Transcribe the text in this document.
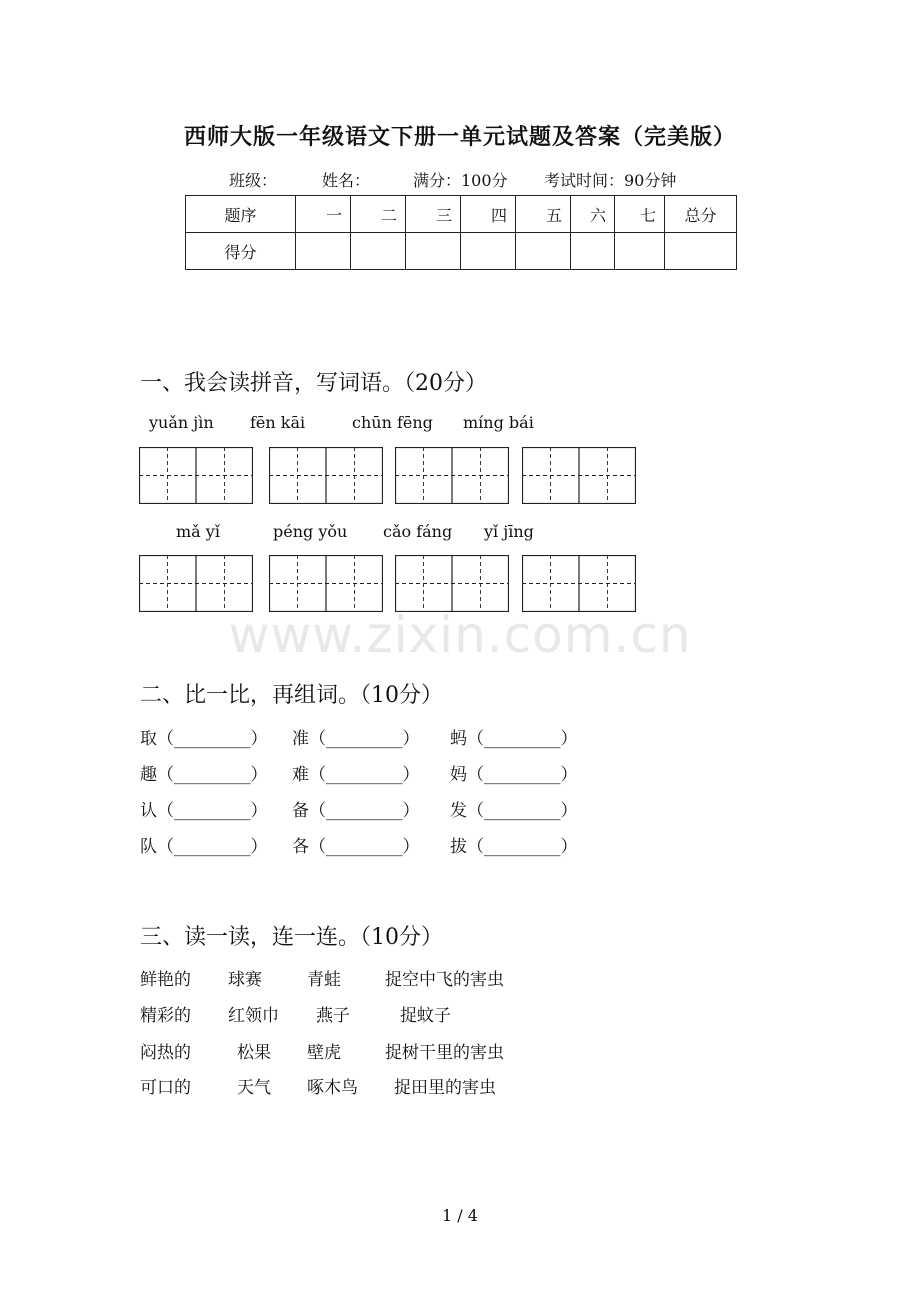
西师大版一年级语文下册一单元试题及答案（完美版）
班级：	姓名：	满分：100分 考试时间：90分钟
题序	一	二	三	四	五	六	七	总分
得分								
一、我会读拼音，写词语。（20分）
yuǎn jìn fēn kāi	chūn fēng míng bái
mǎ yǐ	péng yǒu cǎo fáng yǐ jīng
www.zixin.com.cn
二、比一比，再组词。（10分）
取（_________） 准（_________） 蚂（_________）
趣（_________） 难（_________） 妈（_________）
认（_________） 备（_________） 发（_________）
队（_________） 各（_________） 拔（_________）
三、读一读，连一连。（10分）
鲜艳的 球赛	青蛙	捉空中飞的害虫
精彩的 红领巾 燕子	捉蚊子
闷热的	松果 壁虎	捉树干里的害虫
可口的	天气 啄木鸟 捉田里的害虫
1 / 4
